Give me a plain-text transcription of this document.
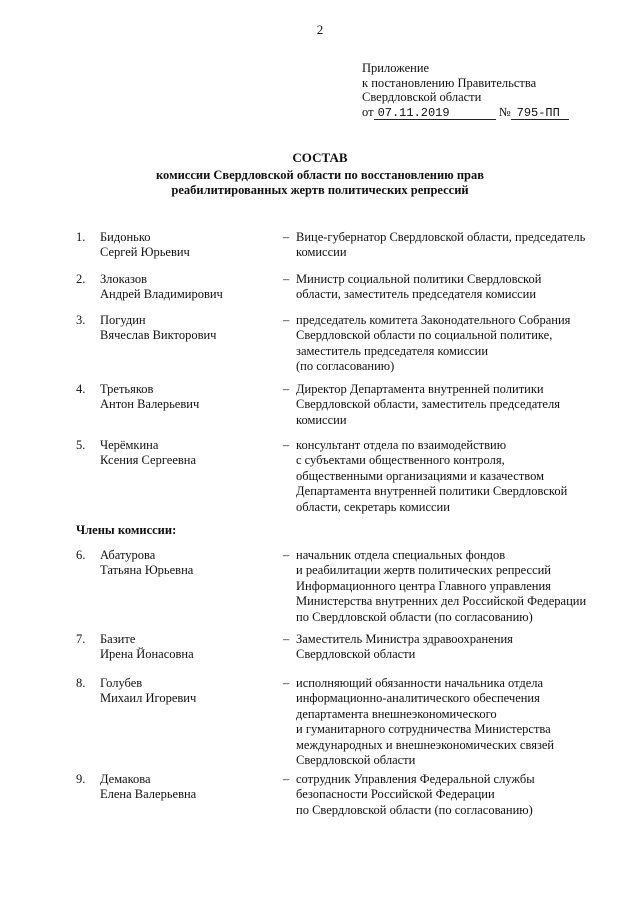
2
Приложение
к постановлению Правительства
Свердловской области
от 07.11.2019	№ 795-ПП
СОСТАВ
комиссии Свердловской области по восстановлению прав
реабилитированных жертв политических репрессий
Члены комиссии:
1. Бидонько
Сергей Юрьевич
– Вице-губернатор Свердловской области, председатель
комиссии
2. Злоказов
Андрей Владимирович
– Министр социальной политики Свердловской
области, заместитель председателя комиссии
3. Погудин
Вячеслав Викторович
– председатель комитета Законодательного Собрания
Свердловской области по социальной политике,
заместитель председателя комиссии
(по согласованию)
4. Третьяков
Антон Валерьевич
– Директор Департамента внутренней политики
Свердловской области, заместитель председателя
комиссии
5. Черёмкина
Ксения Сергеевна
– консультант отдела по взаимодействию
с субъектами общественного контроля,
общественными организациями и казачеством
Департамента внутренней политики Свердловской
области, секретарь комиссии
6. Абатурова
Татьяна Юрьевна
– начальник отдела специальных фондов
и реабилитации жертв политических репрессий
Информационного центра Главного управления
Министерства внутренних дел Российской Федерации
по Свердловской области (по согласованию)
7. Базите
Ирена Йонасовна
– Заместитель Министра здравоохранения
Свердловской области
8. Голубев
Михаил Игоревич
– исполняющий обязанности начальника отдела
информационно-аналитического обеспечения
департамента внешнеэкономического
и гуманитарного сотрудничества Министерства
международных и внешнеэкономических связей
Свердловской области
9. Демакова
Елена Валерьевна
– сотрудник Управления Федеральной службы
безопасности Российской Федерации
по Свердловской области (по согласованию)
